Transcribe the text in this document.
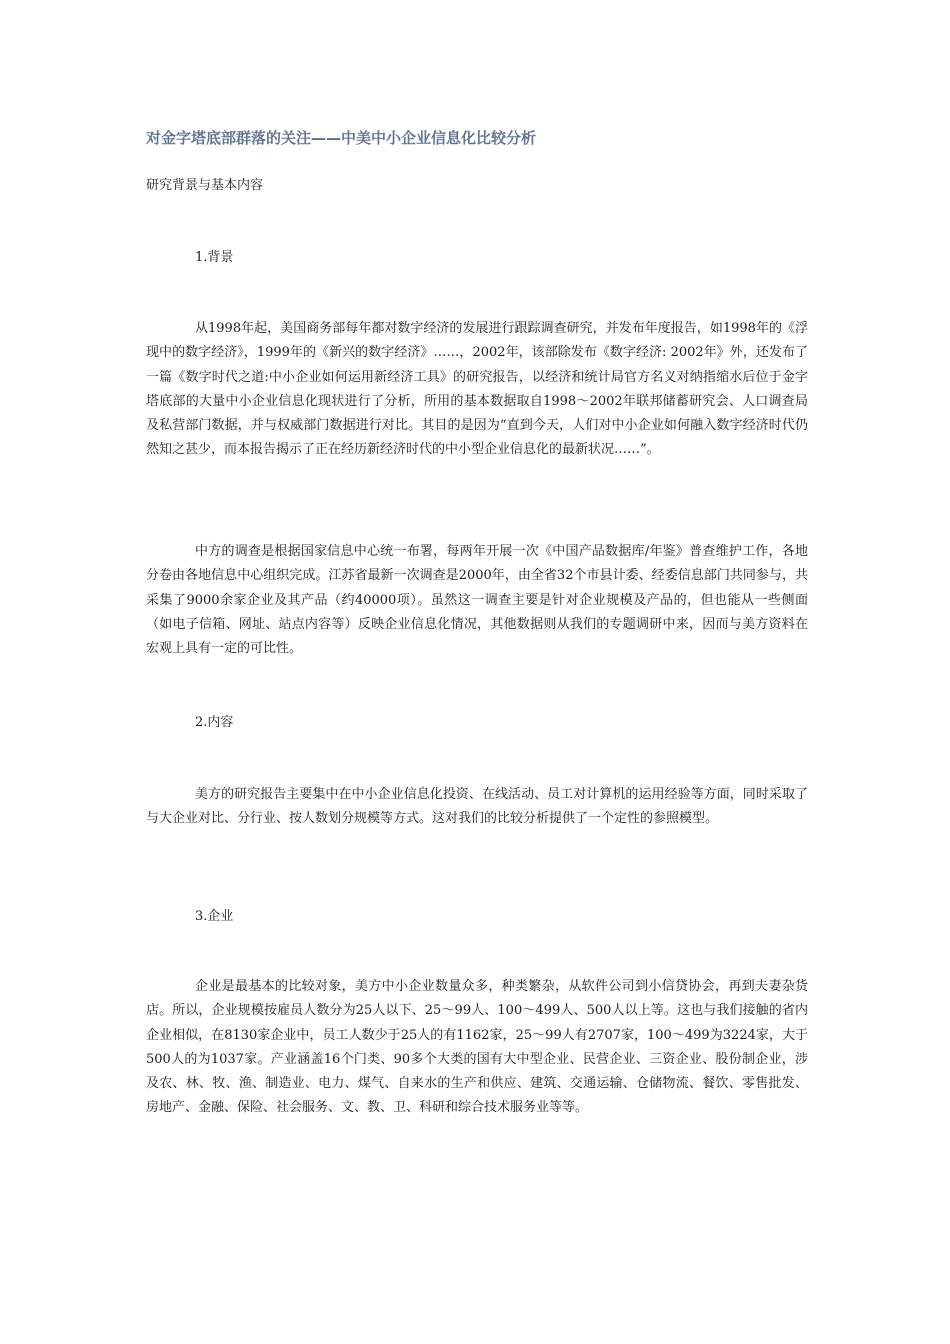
对金字塔底部群落的关注——中美中小企业信息化比较分析

研究背景与基本内容

1.背景

从1998年起，美国商务部每年都对数字经济的发展进行跟踪调查研究，并发布年度报告，如1998年的《浮现中的数字经济》，1999年的《新兴的数字经济》……，2002年，该部除发布《数字经济: 2002年》外，还发布了一篇《数字时代之道:中小企业如何运用新经济工具》的研究报告，以经济和统计局官方名义对纳指缩水后位于金字塔底部的大量中小企业信息化现状进行了分析，所用的基本数据取自1998～2002年联邦储蓄研究会、人口调查局及私营部门数据，并与权威部门数据进行对比。其目的是因为“直到今天，人们对中小企业如何融入数字经济时代仍然知之甚少，而本报告揭示了正在经历新经济时代的中小型企业信息化的最新状况……”。

中方的调查是根据国家信息中心统一布署，每两年开展一次《中国产品数据库/年鉴》普查维护工作，各地分卷由各地信息中心组织完成。江苏省最新一次调查是2000年，由全省32个市县计委、经委信息部门共同参与，共采集了9000余家企业及其产品（约40000项）。虽然这一调查主要是针对企业规模及产品的，但也能从一些侧面（如电子信箱、网址、站点内容等）反映企业信息化情况，其他数据则从我们的专题调研中来，因而与美方资料在宏观上具有一定的可比性。

2.内容

美方的研究报告主要集中在中小企业信息化投资、在线活动、员工对计算机的运用经验等方面，同时采取了与大企业对比、分行业、按人数划分规模等方式。这对我们的比较分析提供了一个定性的参照模型。

3.企业

企业是最基本的比较对象，美方中小企业数量众多，种类繁杂，从软件公司到小信贷协会，再到夫妻杂货店。所以，企业规模按雇员人数分为25人以下、25～99人、100～499人、500人以上等。这也与我们接触的省内企业相似，在8130家企业中，员工人数少于25人的有1162家，25～99人有2707家，100～499为3224家，大于500人的为1037家。产业涵盖16个门类、90多个大类的国有大中型企业、民营企业、三资企业、股份制企业，涉及农、林、牧、渔、制造业、电力、煤气、自来水的生产和供应、建筑、交通运输、仓储物流、餐饮、零售批发、房地产、金融、保险、社会服务、文、教、卫、科研和综合技术服务业等等。
